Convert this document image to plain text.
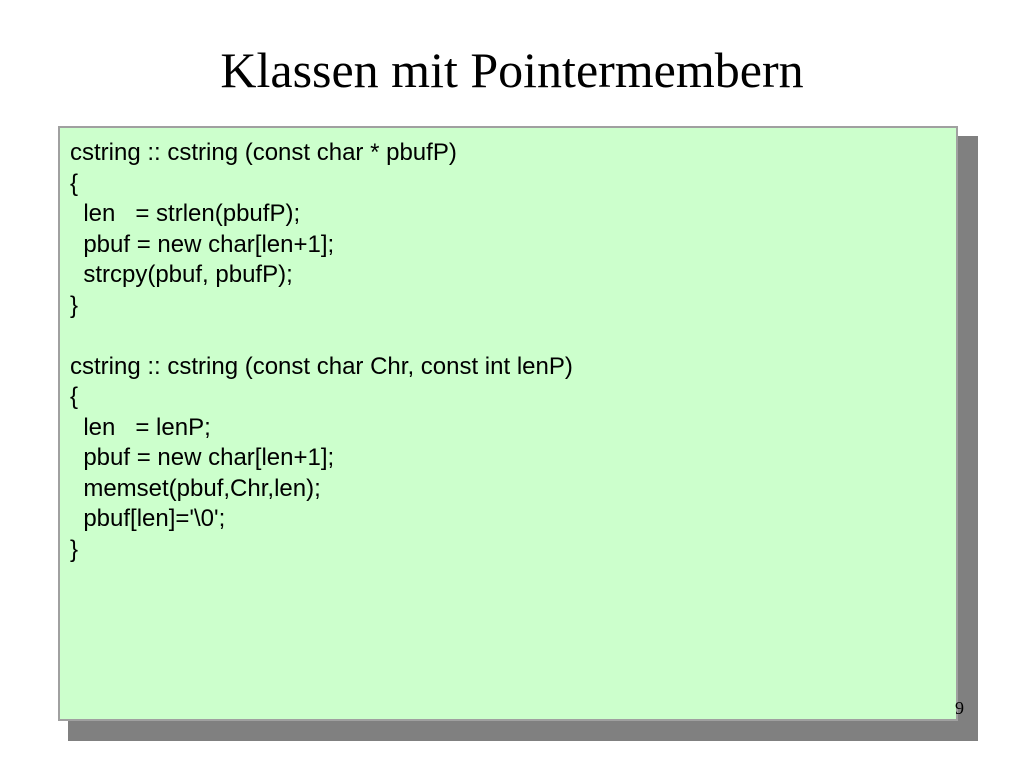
Klassen mit Pointermembern
cstring :: cstring (const char * pbufP)
{
len   = strlen(pbufP);
pbuf = new char[len+1];
strcpy(pbuf, pbufP);
}
cstring :: cstring (const char Chr, const int lenP)
{
len   = lenP;
pbuf = new char[len+1];
memset(pbuf,Chr,len);
pbuf[len]='\0';
}
9
